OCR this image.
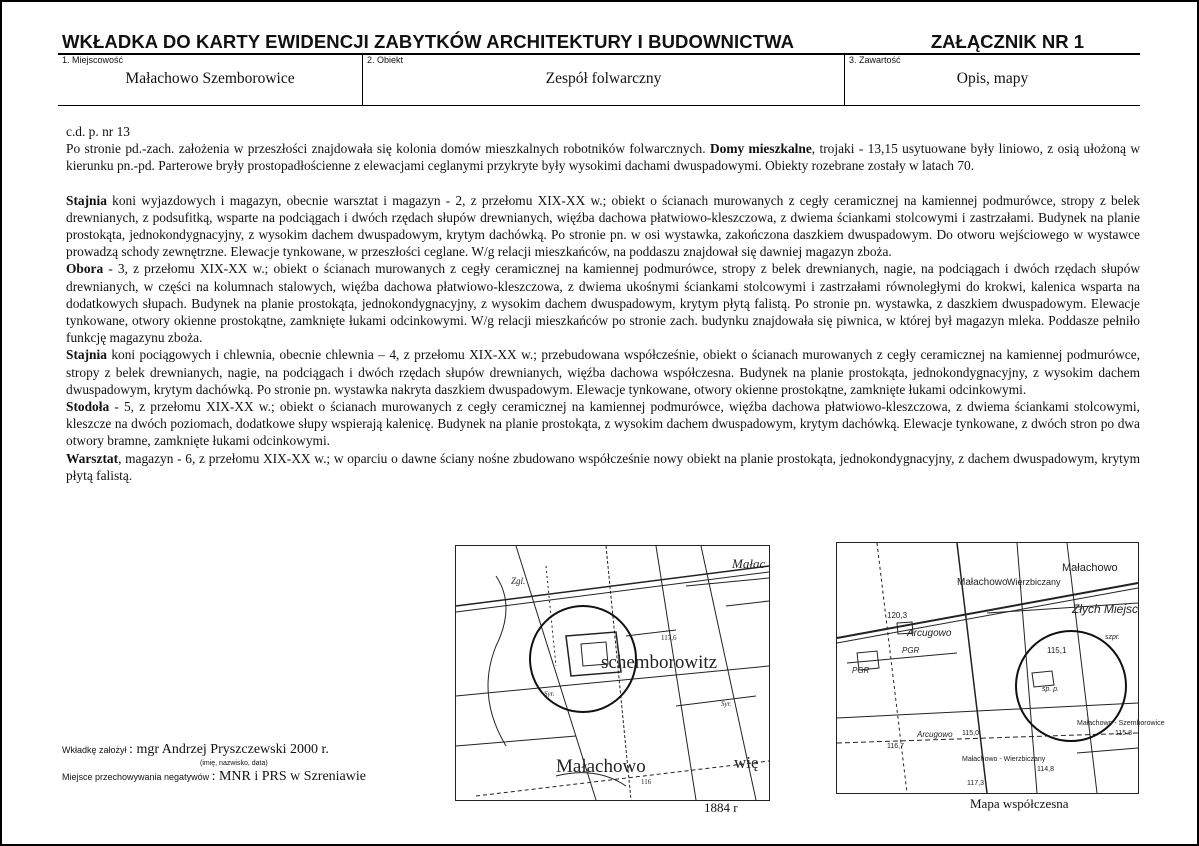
WKŁADKA DO KARTY EWIDENCJI ZABYTKÓW ARCHITEKTURY I BUDOWNICTWA	ZAŁĄCZNIK NR 1
1. Miejscowość
Małachowo Szemborowice
2. Obiekt
Zespół folwarczny
3. Zawartość
Opis, mapy

c.d. p. nr 13

Po stronie pd.-zach. założenia w przeszłości znajdowała się kolonia domów mieszkalnych robotników folwarcznych. Domy mieszkalne, trojaki - 13,15 usytuowane były liniowo, z osią ułożoną w kierunku pn.-pd. Parterowe bryły prostopadłościenne z elewacjami ceglanymi przykryte były wysokimi dachami dwuspadowymi. Obiekty rozebrane zostały w latach 70.

Stajnia koni wyjazdowych i magazyn, obecnie warsztat i magazyn - 2, z przełomu XIX-XX w.; obiekt o ścianach murowanych z cegły ceramicznej na kamiennej podmurówce, stropy z belek drewnianych, z podsufitką, wsparte na podciągach i dwóch rzędach słupów drewnianych, więźba dachowa płatwiowo-kleszczowa, z dwiema ściankami stolcowymi i zastrzałami. Budynek na planie prostokąta, jednokondygnacyjny, z wysokim dachem dwuspadowym, krytym dachówką. Po stronie pn. w osi wystawka, zakończona daszkiem dwuspadowym. Do otworu wejściowego w wystawce prowadzą schody zewnętrzne. Elewacje tynkowane, w przeszłości ceglane. W/g relacji mieszkańców, na poddaszu znajdował się dawniej magazyn zboża.

Obora - 3, z przełomu XIX-XX w.; obiekt o ścianach murowanych z cegły ceramicznej na kamiennej podmurówce, stropy z belek drewnianych, nagie, na podciągach i dwóch rzędach słupów drewnianych, w części na kolumnach stalowych, więźba dachowa płatwiowo-kleszczowa, z dwiema ukośnymi ściankami stolcowymi i zastrzałami równoległymi do krokwi, kalenica wsparta na dodatkowych słupach. Budynek na planie prostokąta, jednokondygnacyjny, z wysokim dachem dwuspadowym, krytym płytą falistą. Po stronie pn. wystawka, z daszkiem dwuspadowym. Elewacje tynkowane, otwory okienne prostokątne, zamknięte łukami odcinkowymi. W/g relacji mieszkańców po stronie zach. budynku znajdowała się piwnica, w której był magazyn mleka. Poddasze pełniło funkcję magazynu zboża.

Stajnia koni pociągowych i chlewnia, obecnie chlewnia – 4, z przełomu XIX-XX w.; przebudowana współcześnie, obiekt o ścianach murowanych z cegły ceramicznej na kamiennej podmurówce, stropy z belek drewnianych, nagie, na podciągach i dwóch rzędach słupów drewnianych, więźba dachowa współczesna. Budynek na planie prostokąta, jednokondygnacyjny, z wysokim dachem dwuspadowym, krytym dachówką. Po stronie pn. wystawka nakryta daszkiem dwuspadowym. Elewacje tynkowane, otwory okienne prostokątne, zamknięte łukami odcinkowymi.

Stodoła - 5, z przełomu XIX-XX w.; obiekt o ścianach murowanych z cegły ceramicznej na kamiennej podmurówce, więźba dachowa płatwiowo-kleszczowa, z dwiema ściankami stolcowymi, kleszcze na dwóch poziomach, dodatkowe słupy wspierają kalenicę. Budynek na planie prostokąta, z wysokim dachem dwuspadowym, krytym dachówką. Elewacje tynkowane, z dwóch stron po dwa otwory bramne, zamknięte łukami odcinkowymi.

Warsztat, magazyn - 6, z przełomu XIX-XX w.; w oparciu o dawne ściany nośne zbudowano współcześnie nowy obiekt na planie prostokąta, jednokondygnacyjny, z dachem dwuspadowym, krytym płytą falistą.

Małac
Zgl.
schemborowitz
Małachowo	wię
117,6
116
Syr.
Syr.
1884 r
Małachowo
Małachowo Wierzbiczany
Złych Miejsc
120,3
Arcugowo
PGR	115,1
sp. p.
Małachowo - Szemborowice
115.8
Arcugowo 115,0
116,7
Małachowo - Wierzbiczany
114,8
117,3
PGR
szpr.
Mapa współczesna
Wkładkę założył : mgr Andrzej Pryszczewski 2000 r.
(imię, nazwisko, data)
Miejsce przechowywania negatywów : MNR i PRS w Szreniawie
